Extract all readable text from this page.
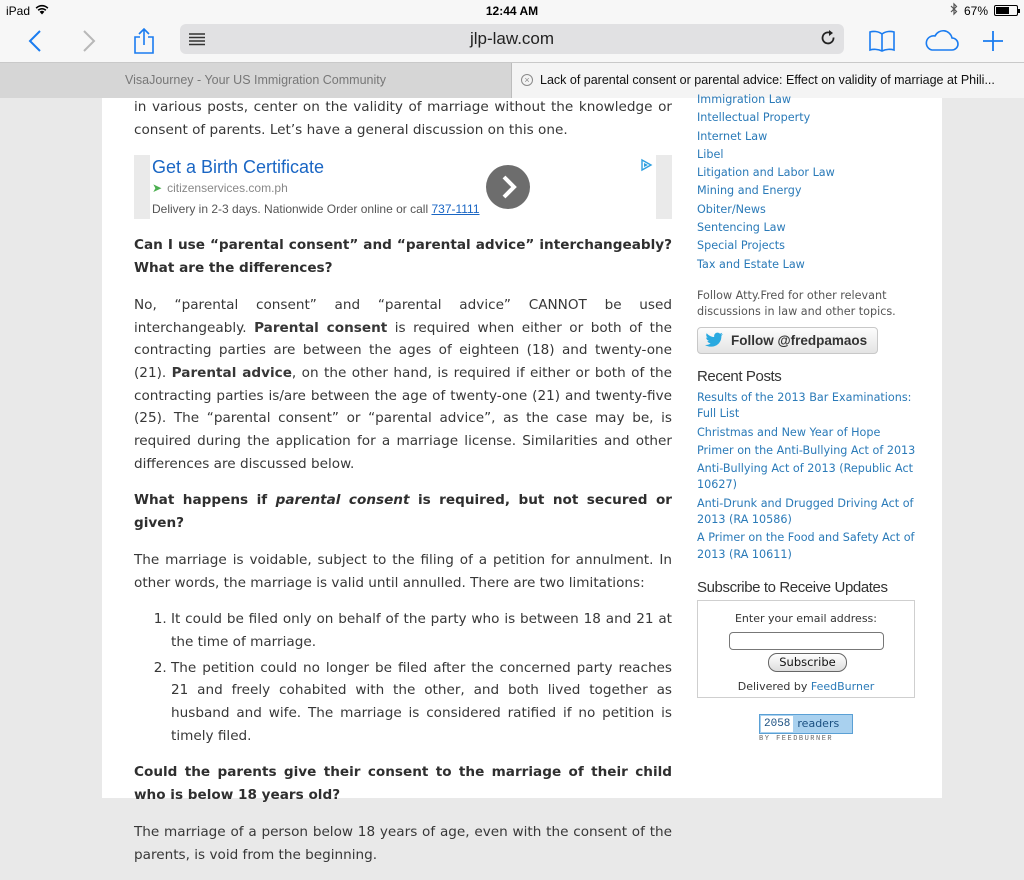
iPad	12:44 AM	67%
jlp-law.com
VisaJourney - Your US Immigration Community	× Lack of parental consent or parental advice: Effect on validity of marriage at Phili...

in various posts, center on the validity of marriage without the knowledge or consent of parents. Let’s have a general discussion on this one.

Get a Birth Certificate
➤ citizenservices.com.ph
Delivery in 2-3 days. Nationwide Order online or call 737-1111

Can I use “parental consent” and “parental advice” interchangeably? What are the differences?

No, “parental consent” and “parental advice” CANNOT be used interchangeably. Parental consent is required when either or both of the contracting parties are between the ages of eighteen (18) and twenty-one (21). Parental advice, on the other hand, is required if either or both of the contracting parties is/are between the age of twenty-one (21) and twenty-five (25). The “parental consent” or “parental advice”, as the case may be, is required during the application for a marriage license. Similarities and other differences are discussed below.

What happens if parental consent is required, but not secured or given?

The marriage is voidable, subject to the filing of a petition for annulment. In other words, the marriage is valid until annulled. There are two limitations:

1. It could be filed only on behalf of the party who is between 18 and 21 at the time of marriage.
2. The petition could no longer be filed after the concerned party reaches 21 and freely cohabited with the other, and both lived together as husband and wife. The marriage is considered ratified if no petition is timely filed.

Could the parents give their consent to the marriage of their child who is below 18 years old?

The marriage of a person below 18 years of age, even with the consent of the parents, is void from the beginning.

Immigration Law
Intellectual Property
Internet Law
Libel
Litigation and Labor Law
Mining and Energy
Obiter/News
Sentencing Law
Special Projects
Tax and Estate Law
Follow Atty.Fred for other relevant discussions in law and other topics.
Follow @fredpamaos
Recent Posts
Results of the 2013 Bar Examinations: Full List
Christmas and New Year of Hope
Primer on the Anti-Bullying Act of 2013
Anti-Bullying Act of 2013 (Republic Act 10627)
Anti-Drunk and Drugged Driving Act of 2013 (RA 10586)
A Primer on the Food and Safety Act of 2013 (RA 10611)
Subscribe to Receive Updates
Enter your email address:
Subscribe
Delivered by FeedBurner
2058 readers
BY FEEDBURNER
